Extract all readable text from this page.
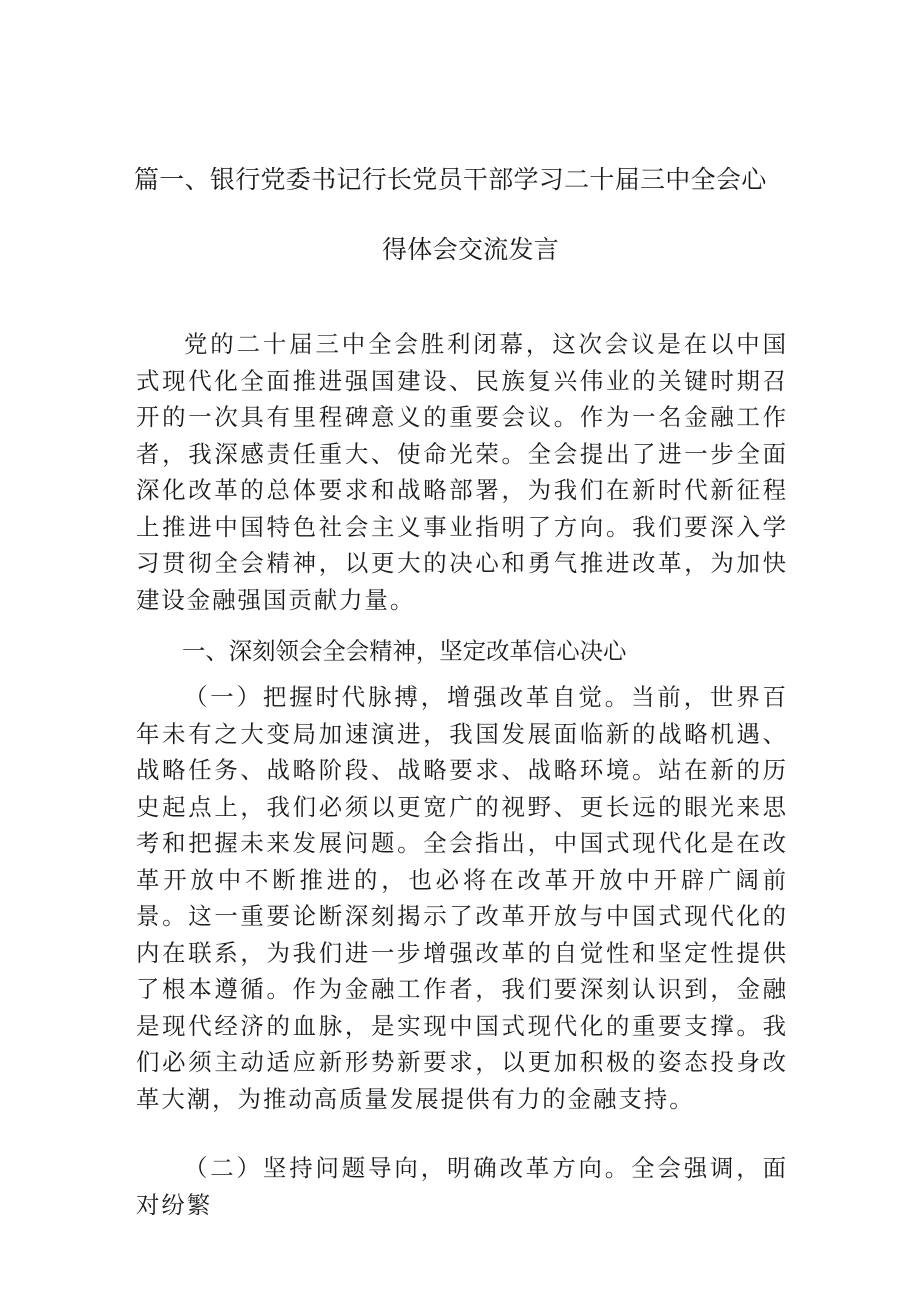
篇一、银行党委书记行长党员干部学习二十届三中全会心
得体会交流发言

党的二十届三中全会胜利闭幕，这次会议是在以中国式现代化全面推进强国建设、民族复兴伟业的关键时期召开的一次具有里程碑意义的重要会议。作为一名金融工作者，我深感责任重大、使命光荣。全会提出了进一步全面深化改革的总体要求和战略部署，为我们在新时代新征程上推进中国特色社会主义事业指明了方向。我们要深入学习贯彻全会精神，以更大的决心和勇气推进改革，为加快建设金融强国贡献力量。

一、深刻领会全会精神，坚定改革信心决心

（一）把握时代脉搏，增强改革自觉。当前，世界百年未有之大变局加速演进，我国发展面临新的战略机遇、战略任务、战略阶段、战略要求、战略环境。站在新的历史起点上，我们必须以更宽广的视野、更长远的眼光来思考和把握未来发展问题。全会指出，中国式现代化是在改革开放中不断推进的，也必将在改革开放中开辟广阔前景。这一重要论断深刻揭示了改革开放与中国式现代化的内在联系，为我们进一步增强改革的自觉性和坚定性提供了根本遵循。作为金融工作者，我们要深刻认识到，金融是现代经济的血脉，是实现中国式现代化的重要支撑。我们必须主动适应新形势新要求，以更加积极的姿态投身改革大潮，为推动高质量发展提供有力的金融支持。

（二）坚持问题导向，明确改革方向。全会强调，面对纷繁
